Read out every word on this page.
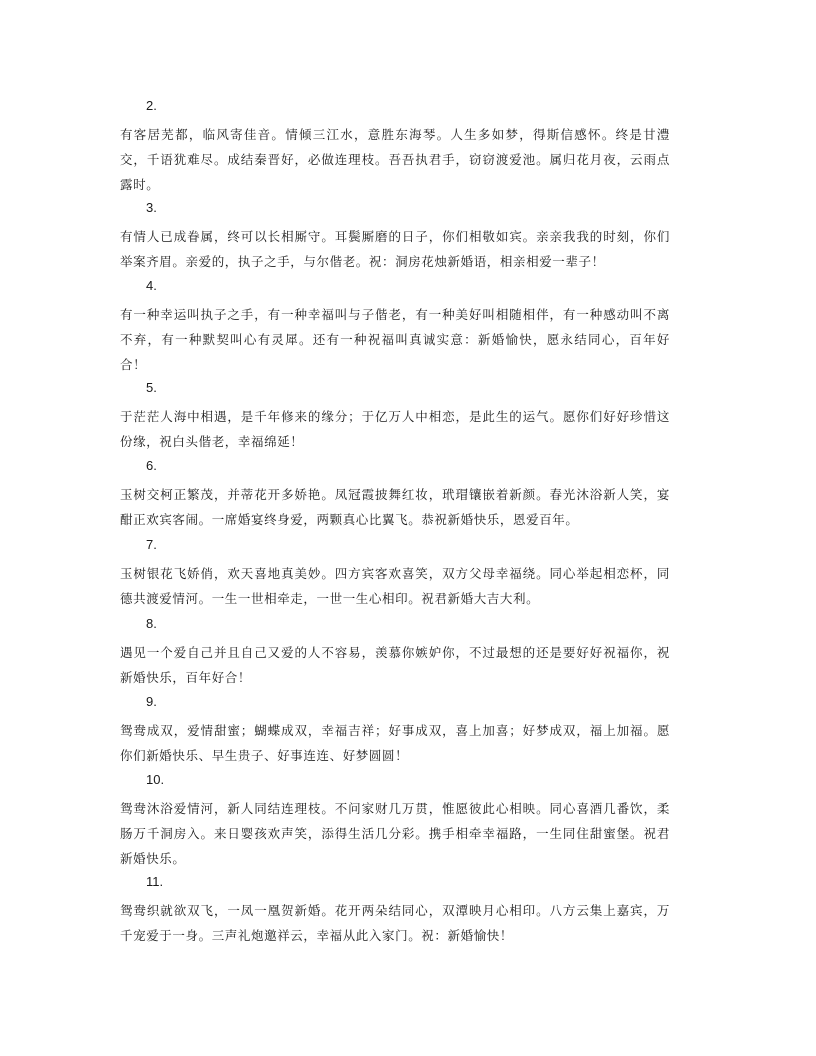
2.
有客居芜都，临风寄佳音。情倾三江水，意胜东海琴。人生多如梦，得斯信感怀。终是甘澧交，千语犹难尽。成结秦晋好，必做连理枝。吾吾执君手，窃窃渡爱池。属归花月夜，云雨点露时。
3.
有情人已成眷属，终可以长相厮守。耳鬓厮磨的日子，你们相敬如宾。亲亲我我的时刻，你们举案齐眉。亲爱的，执子之手，与尔偕老。祝：洞房花烛新婚语，相亲相爱一辈子！
4.
有一种幸运叫执子之手，有一种幸福叫与子偕老，有一种美好叫相随相伴，有一种感动叫不离不弃，有一种默契叫心有灵犀。还有一种祝福叫真诚实意：新婚愉快，愿永结同心，百年好合！
5.
于茫茫人海中相遇，是千年修来的缘分；于亿万人中相恋，是此生的运气。愿你们好好珍惜这份缘，祝白头偕老，幸福绵延！
6.
玉树交柯正繁茂，并蒂花开多娇艳。凤冠霞披舞红妆，玳瑁镶嵌着新颜。春光沐浴新人笑，宴酣正欢宾客闹。一席婚宴终身爱，两颗真心比翼飞。恭祝新婚快乐，恩爱百年。
7.
玉树银花飞娇俏，欢天喜地真美妙。四方宾客欢喜笑，双方父母幸福绕。同心举起相恋杯，同德共渡爱情河。一生一世相牵走，一世一生心相印。祝君新婚大吉大利。
8.
遇见一个爱自己并且自己又爱的人不容易，羡慕你嫉妒你，不过最想的还是要好好祝福你，祝新婚快乐，百年好合！
9.
鸳鸯成双，爱情甜蜜；蝴蝶成双，幸福吉祥；好事成双，喜上加喜；好梦成双，福上加福。愿你们新婚快乐、早生贵子、好事连连、好梦圆圆！
10.
鸳鸯沐浴爱情河，新人同结连理枝。不问家财几万贯，惟愿彼此心相映。同心喜酒几番饮，柔肠万千洞房入。来日婴孩欢声笑，添得生活几分彩。携手相牵幸福路，一生同住甜蜜堡。祝君新婚快乐。
11.
鸳鸯织就欲双飞，一凤一凰贺新婚。花开两朵结同心，双潭映月心相印。八方云集上嘉宾，万千宠爱于一身。三声礼炮邀祥云，幸福从此入家门。祝：新婚愉快！
